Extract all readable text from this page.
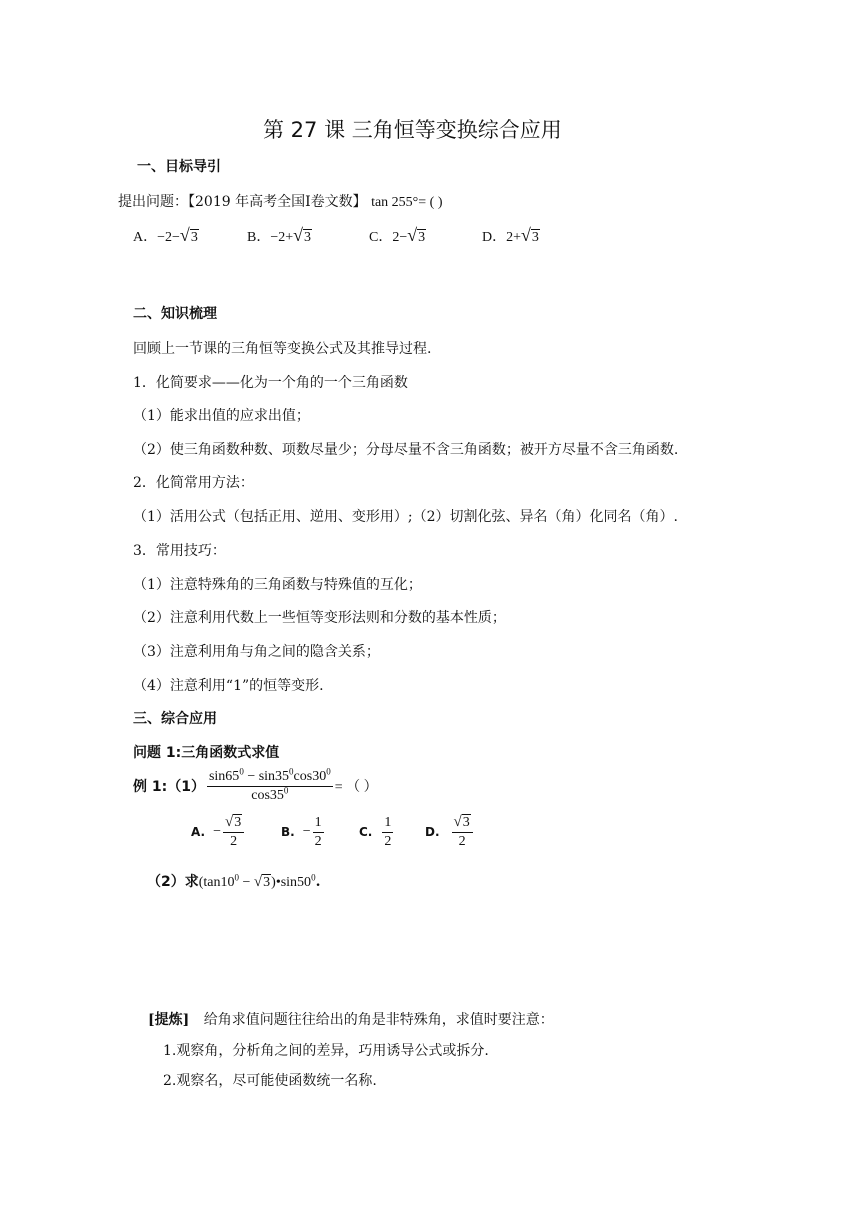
第 27 课 三角恒等变换综合应用
一、目标导引
提出问题：【2019 年高考全国Ⅰ卷文数】 tan 255°= ( )
A．−2−√3	B．−2+√3	C．2−√3	D．2+√3
二、知识梳理
回顾上一节课的三角恒等变换公式及其推导过程.
1．化简要求——化为一个角的一个三角函数
（1）能求出值的应求出值；
（2）使三角函数种数、项数尽量少；分母尽量不含三角函数；被开方尽量不含三角函数.
2．化简常用方法：
（1）活用公式（包括正用、逆用、变形用）;（2）切割化弦、异名（角）化同名（角）.
3．常用技巧：
（1）注意特殊角的三角函数与特殊值的互化；
（2）注意利用代数上一些恒等变形法则和分数的基本性质；
（3）注意利用角与角之间的隐含关系；
（4）注意利用“1”的恒等变形.
三、综合应用
问题 1:三角函数式求值
例 1:（1） $\frac{\sin 65^0 - \sin 35^0\cos 30^0}{\cos 35^0}$ = （ ）
A. − $\frac{√3}{2}$	B. − $\frac{1}{2}$	C. $\frac{1}{2}$	D. $\frac{√3}{2}$
（2）求($\tan 10^0$ − $√3)•\sin 50^0$.
[提炼] 给角求值问题往往给出的角是非特殊角，求值时要注意：
1.观察角，分析角之间的差异，巧用诱导公式或拆分.
2.观察名，尽可能使函数统一名称.
